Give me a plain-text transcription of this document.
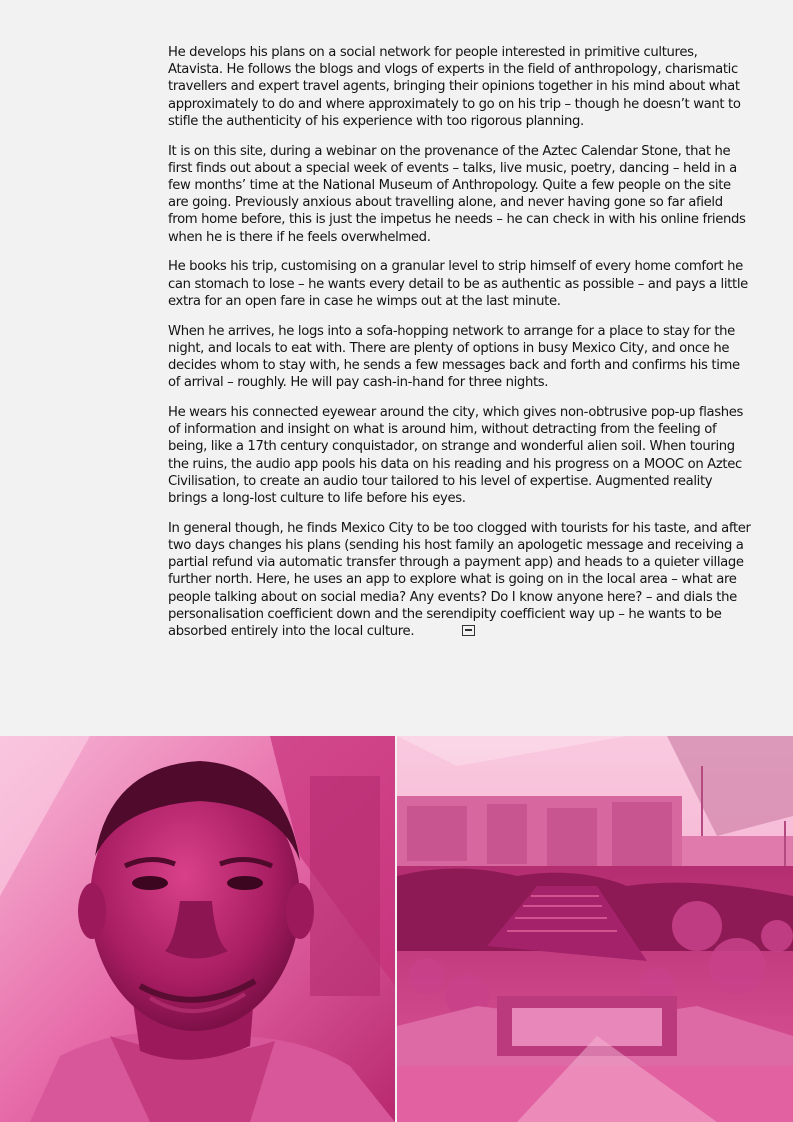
He develops his plans on a social network for people interested in primitive cultures, Atavista. He follows the blogs and vlogs of experts in the field of anthropology, charismatic travellers and expert travel agents, bringing their opinions together in his mind about what approximately to do and where approximately to go on his trip – though he doesn’t want to stifle the authenticity of his experience with too rigorous planning.

It is on this site, during a webinar on the provenance of the Aztec Calendar Stone, that he first finds out about a special week of events – talks, live music, poetry, dancing – held in a few months’ time at the National Museum of Anthropology. Quite a few people on the site are going. Previously anxious about travelling alone, and never having gone so far afield from home before, this is just the impetus he needs – he can check in with his online friends when he is there if he feels overwhelmed.

He books his trip, customising on a granular level to strip himself of every home comfort he can stomach to lose – he wants every detail to be as authentic as possible – and pays a little extra for an open fare in case he wimps out at the last minute.

When he arrives, he logs into a sofa-hopping network to arrange for a place to stay for the night, and locals to eat with. There are plenty of options in busy Mexico City, and once he decides whom to stay with, he sends a few messages back and forth and confirms his time of arrival – roughly. He will pay cash-in-hand for three nights.

He wears his connected eyewear around the city, which gives non-obtrusive pop-up flashes of information and insight on what is around him, without detracting from the feeling of being, like a 17th century conquistador, on strange and wonderful alien soil. When touring the ruins, the audio app pools his data on his reading and his progress on a MOOC on Aztec Civilisation, to create an audio tour tailored to his level of expertise. Augmented reality brings a long-lost culture to life before his eyes.

In general though, he finds Mexico City to be too clogged with tourists for his taste, and after two days changes his plans (sending his host family an apologetic message and receiving a partial refund via automatic transfer through a payment app) and heads to a quieter village further north. Here, he uses an app to explore what is going on in the local area – what are people talking about on social media? Any events? Do I know anyone here? – and dials the personalisation coefficient down and the serendipity coefficient way up – he wants to be absorbed entirely into the local culture.
